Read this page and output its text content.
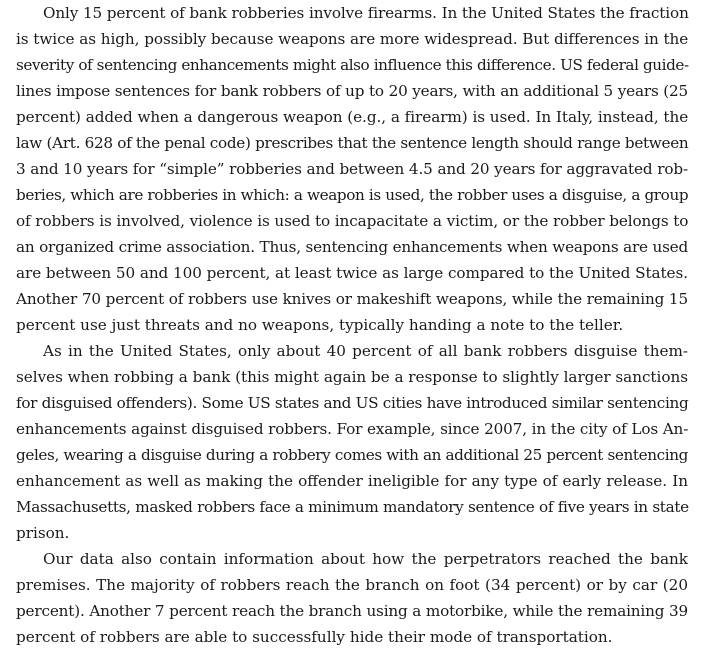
Only 15 percent of bank robberies involve firearms. In the United States the fraction
is twice as high, possibly because weapons are more widespread. But differences in the
severity of sentencing enhancements might also influence this difference. US federal guide-
lines impose sentences for bank robbers of up to 20 years, with an additional 5 years (25
percent) added when a dangerous weapon (e.g., a firearm) is used. In Italy, instead, the
law (Art. 628 of the penal code) prescribes that the sentence length should range between
3 and 10 years for “simple” robberies and between 4.5 and 20 years for aggravated rob-
beries, which are robberies in which: a weapon is used, the robber uses a disguise, a group
of robbers is involved, violence is used to incapacitate a victim, or the robber belongs to
an organized crime association. Thus, sentencing enhancements when weapons are used
are between 50 and 100 percent, at least twice as large compared to the United States.
Another 70 percent of robbers use knives or makeshift weapons, while the remaining 15
percent use just threats and no weapons, typically handing a note to the teller.
As in the United States, only about 40 percent of all bank robbers disguise them-
selves when robbing a bank (this might again be a response to slightly larger sanctions
for disguised offenders). Some US states and US cities have introduced similar sentencing
enhancements against disguised robbers. For example, since 2007, in the city of Los An-
geles, wearing a disguise during a robbery comes with an additional 25 percent sentencing
enhancement as well as making the offender ineligible for any type of early release. In
Massachusetts, masked robbers face a minimum mandatory sentence of five years in state
prison.
Our data also contain information about how the perpetrators reached the bank
premises. The majority of robbers reach the branch on foot (34 percent) or by car (20
percent). Another 7 percent reach the branch using a motorbike, while the remaining 39
percent of robbers are able to successfully hide their mode of transportation.
